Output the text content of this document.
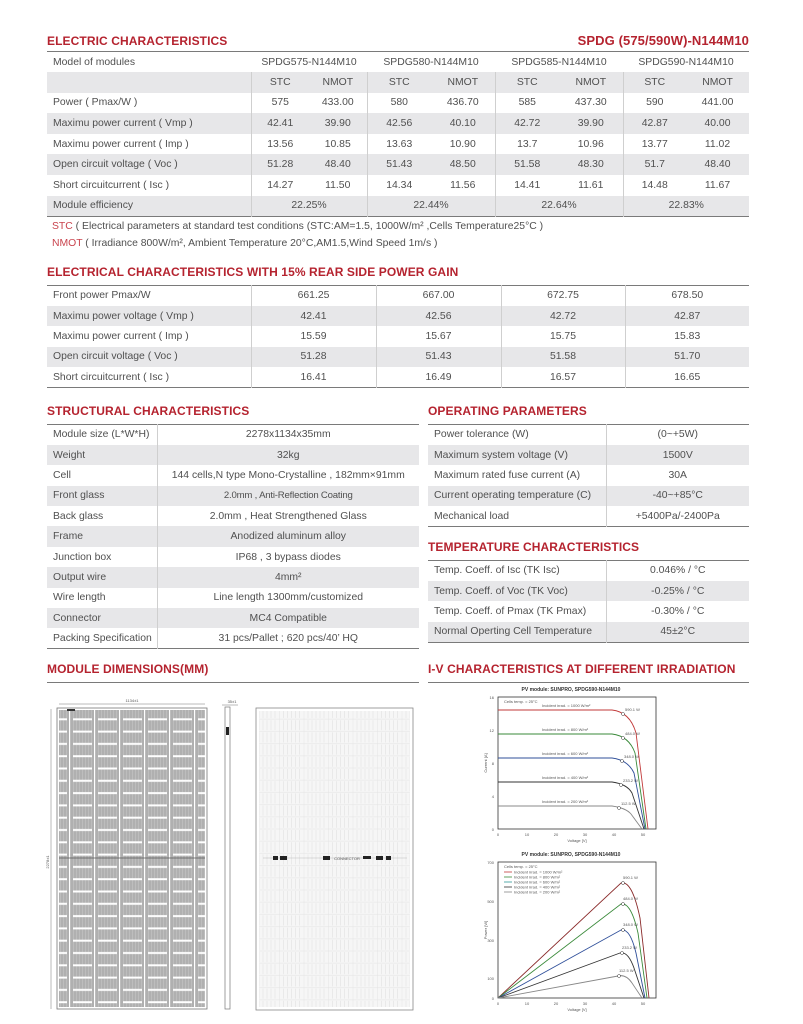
ELECTRIC CHARACTERISTICS	SPDG (575/590W)-N144M10
Model of modules	SPDG575-N144M10		SPDG580-N144M10		SPDG585-N144M10		SPDG590-N144M10	
	STC	NMOT	STC	NMOT	STC	NMOT	STC	NMOT
Power ( Pmax/W )	575	433.00	580	436.70	585	437.30	590	441.00
Maximu power current ( Vmp )	42.41	39.90	42.56	40.10	42.72	39.90	42.87	40.00
Maximu power current ( Imp )	13.56	10.85	13.63	10.90	13.7	10.96	13.77	11.02
Open circuit voltage ( Voc )	51.28	48.40	51.43	48.50	51.58	48.30	51.7	48.40
Short circuitcurrent ( Isc )	14.27	11.50	14.34	11.56	14.41	11.61	14.48	11.67
Module efficiency	22.25%		22.44%		22.64%		22.83%	
STC ( Electrical parameters at standard test conditions (STC:AM=1.5, 1000W/m² ,Cells Temperature25°C )
NMOT ( Irradiance 800W/m², Ambient Temperature 20°C,AM1.5,Wind Speed 1m/s )
ELECTRICAL CHARACTERISTICS WITH 15% REAR SIDE POWER GAIN
Front power Pmax/W	661.25	667.00	672.75	678.50
Maximu power voltage ( Vmp )	42.41	42.56	42.72	42.87
Maximu power current ( Imp )	15.59	15.67	15.75	15.83
Open circuit voltage ( Voc )	51.28	51.43	51.58	51.70
Short circuitcurrent ( Isc )	16.41	16.49	16.57	16.65
STRUCTURAL CHARACTERISTICS
Module size (L*W*H)	2278x1134x35mm
Weight	32kg
Cell	144 cells,N type Mono-Crystalline , 182mm×91mm
Front glass	2.0mm , Anti-Reflection Coating
Back glass	2.0mm , Heat Strengthened Glass
Frame	Anodized aluminum alloy
Junction box	IP68 , 3 bypass diodes
Output wire	4mm²
Wire length	Line length 1300mm/customized
Connector	MC4 Compatible
Packing Specification	31 pcs/Pallet ; 620 pcs/40’ HQ
OPERATING PARAMETERS
Power tolerance (W)	(0~+5W)
Maximum system voltage (V)	1500V
Maximum rated fuse current (A)	30A
Current operating temperature (C)	-40~+85°C
Mechanical load	+5400Pa/-2400Pa
TEMPERATURE CHARACTERISTICS
Temp. Coeff. of Isc (TK Isc)	0.046% / °C
Temp. Coeff. of Voc (TK Voc)	-0.25% / °C
Temp. Coeff. of Pmax (TK Pmax)	-0.30% / °C
Normal Operting Cell Temperature	45±2°C
MODULE DIMENSIONS(MM)
1134±1
2278±1
35±1
CONNECTOR
I-V CHARACTERISTICS AT DIFFERENT IRRADIATION
PV module: SUNPRO, SPDG590-N144M10
16
12
8
4
0
0	10	20	30	40	50
Voltage [V]
Current [A]
Cells temp. = 25°C
Incident irrad. = 1000 W/m²
Incident irrad. = 800 W/m²
Incident irrad. = 600 W/m²
Incident irrad. = 400 W/m²
Incident irrad. = 200 W/m²
590.1 W
484.0 W
348.0 W
233.2 W
112.5 W
PV module: SUNPRO, SPDG590-N144M10
700
500
300
100
0
0	10	20	30	40	50
Voltage [V]
Power [W]
Cells temp. = 25°C
Incident irrad. = 1000 W/m²
Incident irrad. = 800 W/m²
Incident irrad. = 600 W/m²
Incident irrad. = 400 W/m²
Incident irrad. = 200 W/m²
590.1 W
484.0 W
348.0 W
233.2 W
112.5 W
